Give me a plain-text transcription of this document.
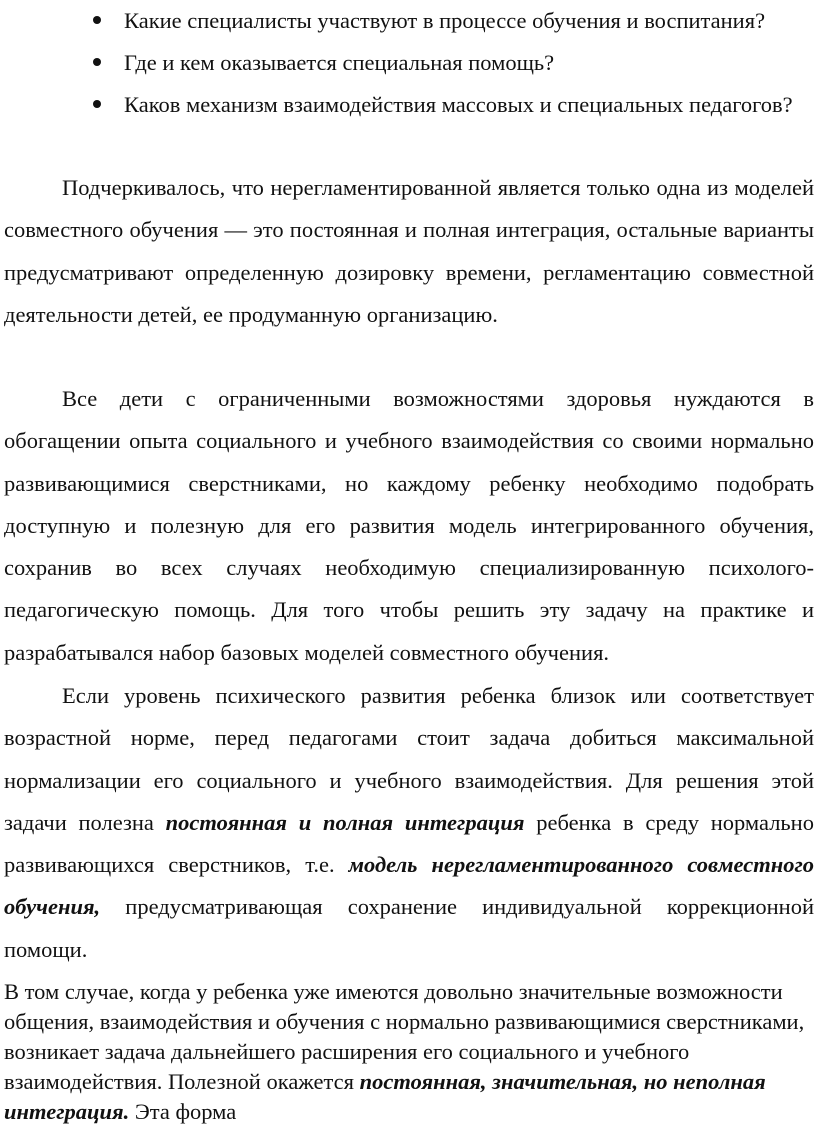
Какие специалисты участвуют в процессе обучения и воспитания?
Где и кем оказывается специальная помощь?
Каков механизм взаимодействия массовых и специальных педагогов?

Подчеркивалось, что нерегламентированной является только одна из моделей совместного обучения — это постоянная и полная интеграция, остальные варианты предусматривают определенную дозировку времени, регламентацию совместной деятельности детей, ее продуманную организацию.

Все дети с ограниченными возможностями здоровья нуждаются в обогащении опыта социального и учебного взаимодействия со своими нормально развивающимися сверстниками, но каждому ребенку необходимо подобрать доступную и полезную для его развития модель интегрированного обучения, сохранив во всех случаях необходимую специализированную психолого-педагогическую помощь. Для того чтобы решить эту задачу на практике и разрабатывался набор базовых моделей совместного обучения.

Если уровень психического развития ребенка близок или соответствует возрастной норме, перед педагогами стоит задача добиться максимальной нормализации его социального и учебного взаимодействия. Для решения этой задачи полезна постоянная и полная интеграция ребенка в среду нормально развивающихся сверстников, т.е. модель нерегламентированного совместного обучения, предусматривающая сохранение индивидуальной коррекционной помощи.

В том случае, когда у ребенка уже имеются довольно значительные возможности общения, взаимодействия и обучения с нормально развивающимися сверстниками, возникает задача дальнейшего расширения его социального и учебного взаимодействия. Полезной окажется постоянная, значительная, но неполная интеграция. Эта форма
